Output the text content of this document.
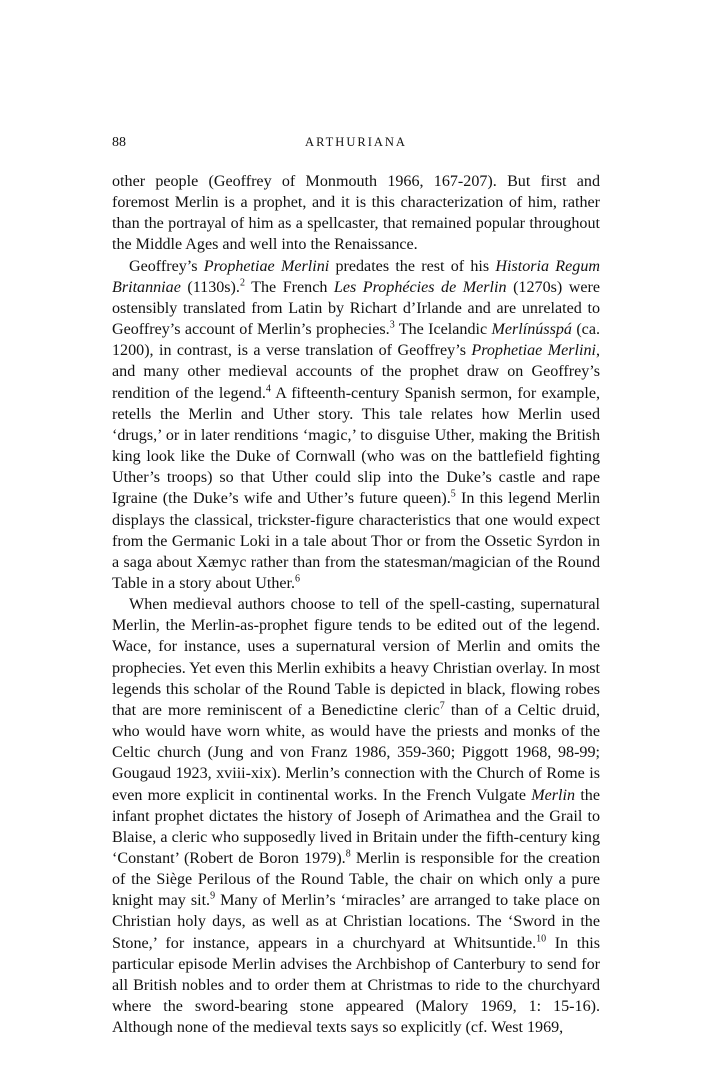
88	ARTHURIANA

other people (Geoffrey of Monmouth 1966, 167-207). But first and foremost Merlin is a prophet, and it is this characterization of him, rather than the portrayal of him as a spellcaster, that remained popular throughout the Middle Ages and well into the Renaissance.

Geoffrey’s Prophetiae Merlini predates the rest of his Historia Regum Britanniae (1130s).$^2$ The French Les Prophécies de Merlin (1270s) were ostensibly translated from Latin by Richart d’Irlande and are unrelated to Geoffrey’s account of Merlin’s prophecies.$^3$ The Icelandic Merlínússpá (ca. 1200), in contrast, is a verse translation of Geoffrey’s Prophetiae Merlini, and many other medieval accounts of the prophet draw on Geoffrey’s rendition of the legend.$^4$ A fifteenth-century Spanish sermon, for example, retells the Merlin and Uther story. This tale relates how Merlin used ‘drugs,’ or in later renditions ‘magic,’ to disguise Uther, making the British king look like the Duke of Cornwall (who was on the battlefield fighting Uther’s troops) so that Uther could slip into the Duke’s castle and rape Igraine (the Duke’s wife and Uther’s future queen).$^5$ In this legend Merlin displays the classical, trickster-figure characteristics that one would expect from the Germanic Loki in a tale about Thor or from the Ossetic Syrdon in a saga about Xæmyc rather than from the statesman/magician of the Round Table in a story about Uther.$^6$

When medieval authors choose to tell of the spell-casting, supernatural Merlin, the Merlin-as-prophet figure tends to be edited out of the legend. Wace, for instance, uses a supernatural version of Merlin and omits the prophecies. Yet even this Merlin exhibits a heavy Christian overlay. In most legends this scholar of the Round Table is depicted in black, flowing robes that are more reminiscent of a Benedictine cleric$^7$ than of a Celtic druid, who would have worn white, as would have the priests and monks of the Celtic church (Jung and von Franz 1986, 359-360; Piggott 1968, 98-99; Gougaud 1923, xviii-xix). Merlin’s connection with the Church of Rome is even more explicit in continental works. In the French Vulgate Merlin the infant prophet dictates the history of Joseph of Arimathea and the Grail to Blaise, a cleric who supposedly lived in Britain under the fifth-century king ‘Constant’ (Robert de Boron 1979).$^8$ Merlin is responsible for the creation of the Siège Perilous of the Round Table, the chair on which only a pure knight may sit.$^9$ Many of Merlin’s ‘miracles’ are arranged to take place on Christian holy days, as well as at Christian locations. The ‘Sword in the Stone,’ for instance, appears in a churchyard at Whitsuntide.$^{10}$ In this particular episode Merlin advises the Archbishop of Canterbury to send for all British nobles and to order them at Christmas to ride to the churchyard where the sword-bearing stone appeared (Malory 1969, 1: 15-16). Although none of the medieval texts says so explicitly (cf. West 1969,
